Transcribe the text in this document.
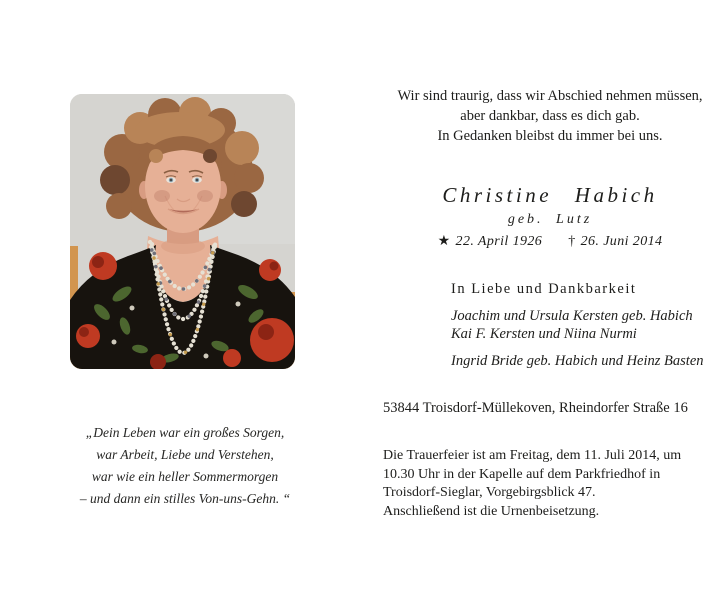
„Dein Leben war ein großes Sorgen,
war Arbeit, Liebe und Verstehen,
war wie ein heller Sommermorgen
– und dann ein stilles Von-uns-Gehn. “
Wir sind traurig, dass wir Abschied nehmen müssen,
aber dankbar, dass es dich gab.
In Gedanken bleibst du immer bei uns.
Christine Habich
geb. Lutz
★ 22. April 1926 † 26. Juni 2014
In Liebe und Dankbarkeit
Joachim und Ursula Kersten geb. Habich
Kai F. Kersten und Niina Nurmi
Ingrid Bride geb. Habich und Heinz Basten
53844 Troisdorf-Müllekoven, Rheindorfer Straße 16
Die Trauerfeier ist am Freitag, dem 11. Juli 2014, um
10.30 Uhr in der Kapelle auf dem Parkfriedhof in
Troisdorf-Sieglar, Vorgebirgsblick 47.
Anschließend ist die Urnenbeisetzung.
